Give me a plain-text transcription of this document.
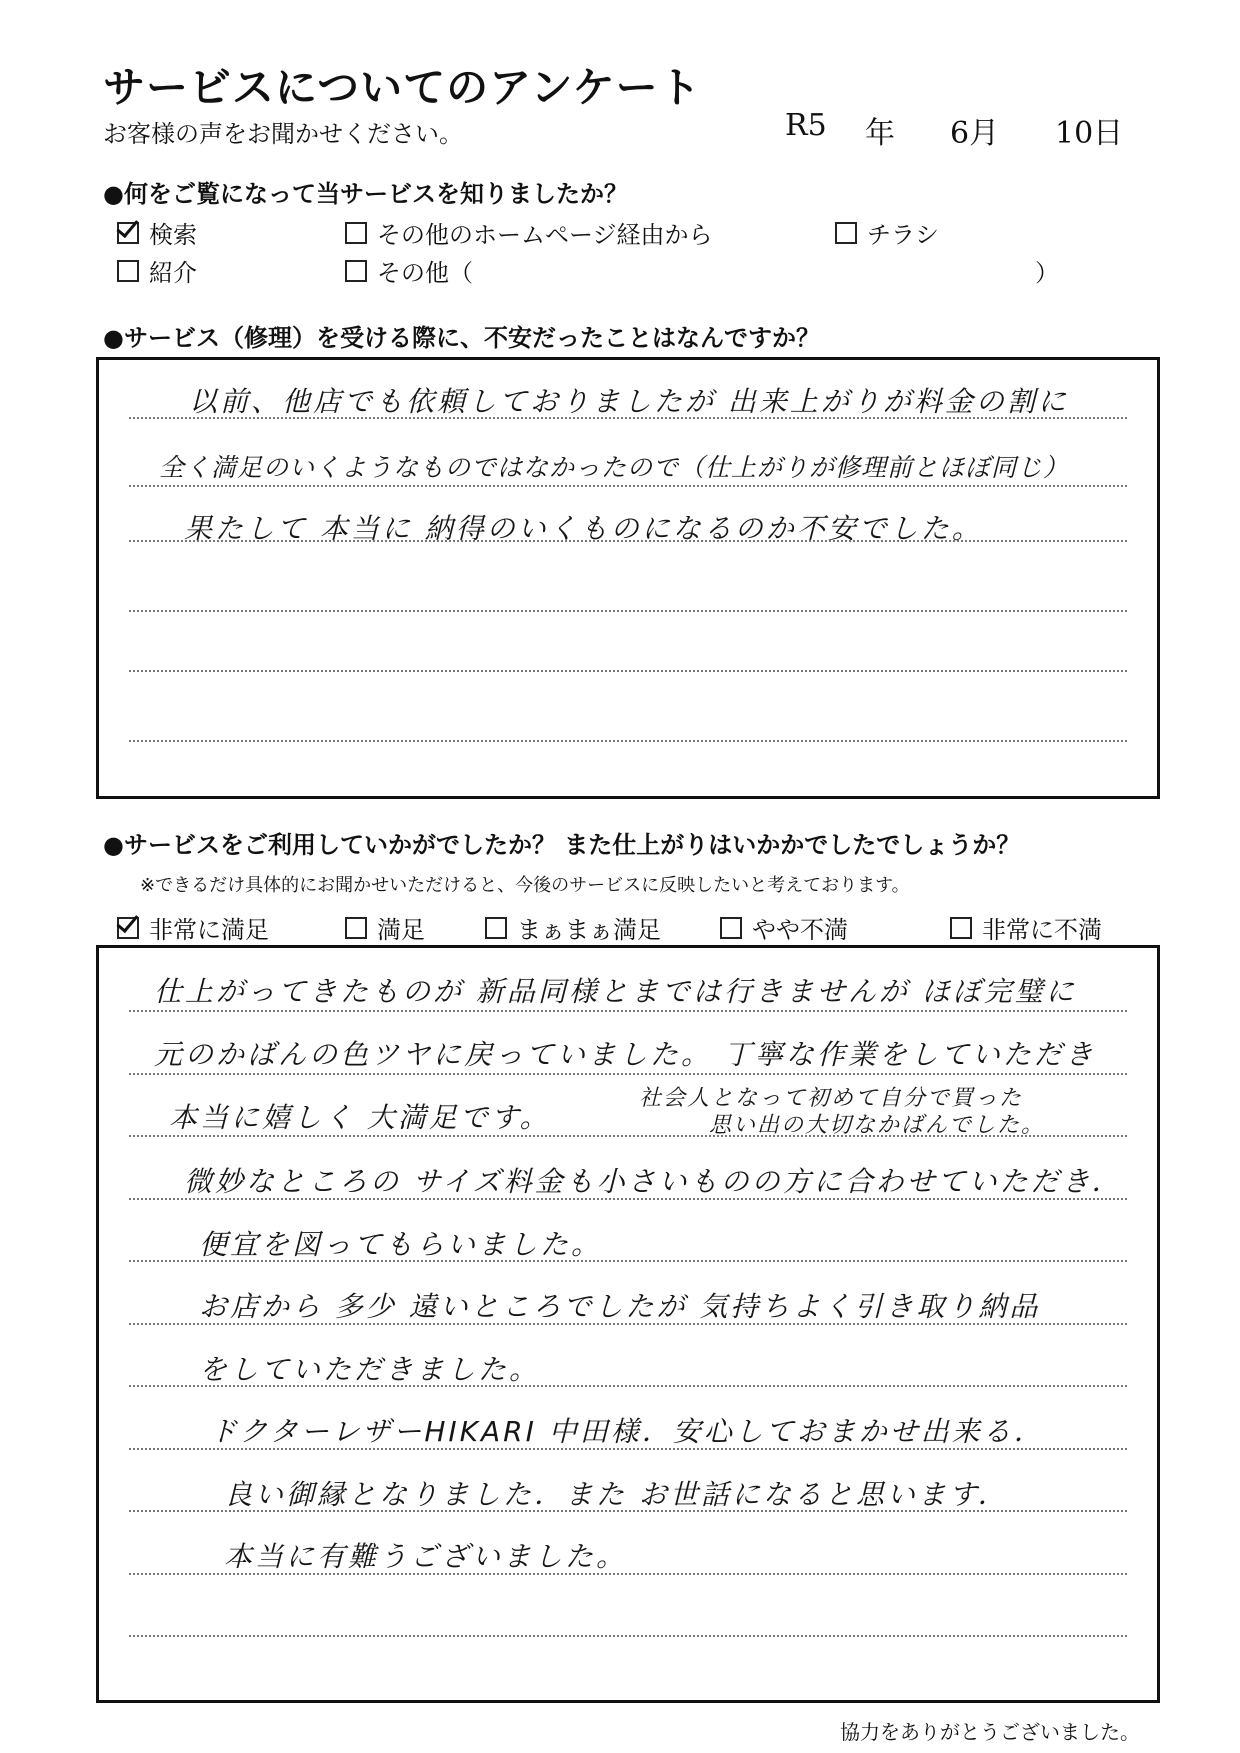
サービスについてのアンケート
お客様の声をお聞かせください。	R5 年 6月 10日
●何をご覧になって当サービスを知りましたか？
検索	その他のホームページ経由から	チラシ
紹介	その他（	）
●サービス（修理）を受ける際に、不安だったことはなんですか？
以前、他店でも依頼しておりましたが 出来上がりが料金の割に
全く満足のいくようなものではなかったので（仕上がりが修理前とほぼ同じ）
果たして 本当に 納得のいくものになるのか不安でした。
●サービスをご利用していかがでしたか？ また仕上がりはいかかでしたでしょうか？
※できるだけ具体的にお聞かせいただけると、今後のサービスに反映したいと考えております。
非常に満足	満足	まぁまぁ満足	やや不満	非常に不満
仕上がってきたものが 新品同様とまでは行きませんが ほぼ完璧に
元のかばんの色ツヤに戻っていました。 丁寧な作業をしていただき
本当に嬉しく 大満足です。
社会人となって初めて自分で買った
思い出の大切なかばんでした。
微妙なところの サイズ料金も小さいものの方に合わせていただき．
便宜を図ってもらいました。
お店から 多少 遠いところでしたが 気持ちよく引き取り納品
をしていただきました。
ドクターレザーHIKARI 中田様．安心しておまかせ出来る．
良い御縁となりました．また お世話になると思います．
本当に有難うございました。
協力をありがとうございました。
